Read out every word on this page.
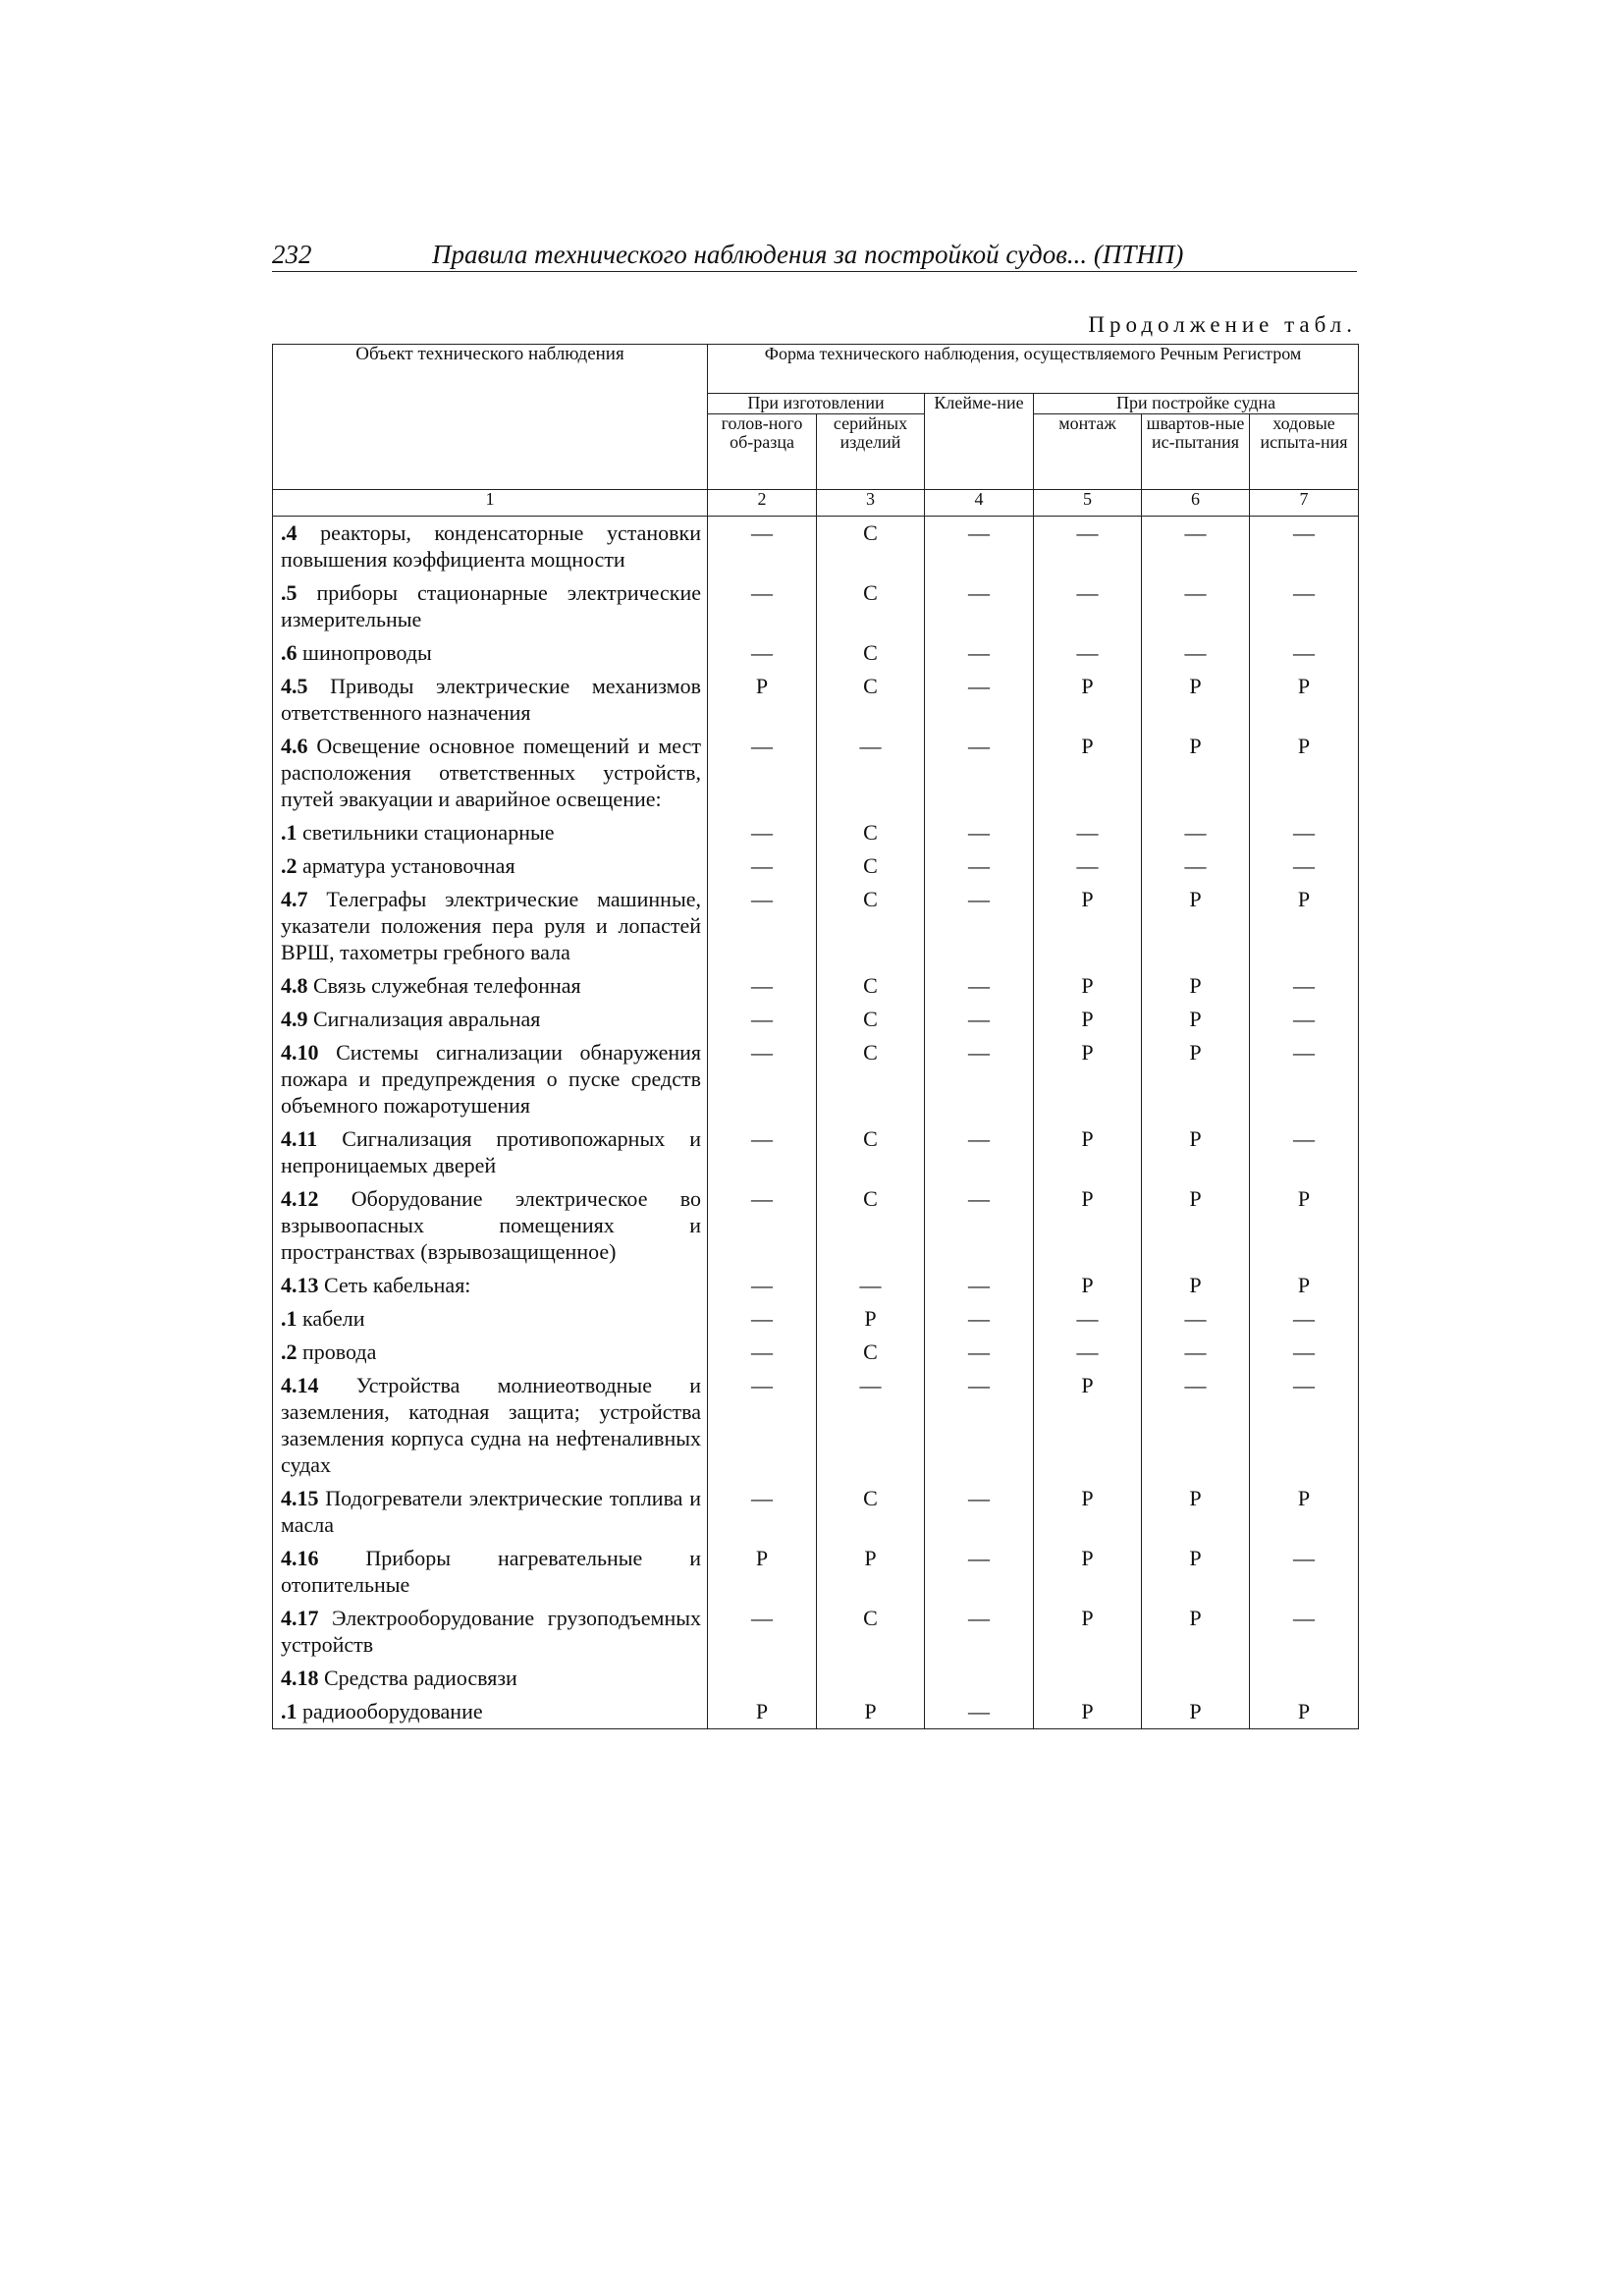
232	Правила технического наблюдения за постройкой судов... (ПТНП)
Продолжение табл.
Объект технического наблюдения	Форма технического наблюдения, осуществляемого Речным Регистром					
	При изготовлении		Клейме-ние	При постройке судна		
	голов-ного об-разца	серийных изделий		монтаж	швартов-ные ис-пытания	ходовые испыта-ния
1	2	3	4	5	6	7
.4 реакторы, конденсаторные установки повышения коэффициента мощности	—	С	—	—	—	—
.5 приборы стационарные электрические измерительные	—	С	—	—	—	—
.6 шинопроводы	—	С	—	—	—	—
4.5 Приводы электрические механизмов ответственного назначения	Р	С	—	Р	Р	Р
4.6 Освещение основное помещений и мест расположения ответственных устройств, путей эвакуации и аварийное освещение:	—	—	—	Р	Р	Р
.1 светильники стационарные	—	С	—	—	—	—
.2 арматура установочная	—	С	—	—	—	—
4.7 Телеграфы электрические машинные, указатели положения пера руля и лопастей ВРШ, тахометры гребного вала	—	С	—	Р	Р	Р
4.8 Связь служебная телефонная	—	С	—	Р	Р	—
4.9 Сигнализация авральная	—	С	—	Р	Р	—
4.10 Системы сигнализации обнаружения пожара и предупреждения о пуске средств объемного пожаротушения	—	С	—	Р	Р	—
4.11 Сигнализация противопожарных и непроницаемых дверей	—	С	—	Р	Р	—
4.12 Оборудование электрическое во взрывоопасных помещениях и пространствах (взрывозащищенное)	—	С	—	Р	Р	Р
4.13 Сеть кабельная:	—	—	—	Р	Р	Р
.1 кабели	—	Р	—	—	—	—
.2 провода	—	С	—	—	—	—
4.14 Устройства молниеотводные и заземления, катодная защита; устройства заземления корпуса судна на нефтеналивных судах	—	—	—	Р	—	—
4.15 Подогреватели электрические топлива и масла	—	С	—	Р	Р	Р
4.16 Приборы нагревательные и отопительные	Р	Р	—	Р	Р	—
4.17 Электрооборудование грузоподъемных устройств	—	С	—	Р	Р	—
4.18 Средства радиосвязи						
.1 радиооборудование	Р	Р	—	Р	Р	Р
